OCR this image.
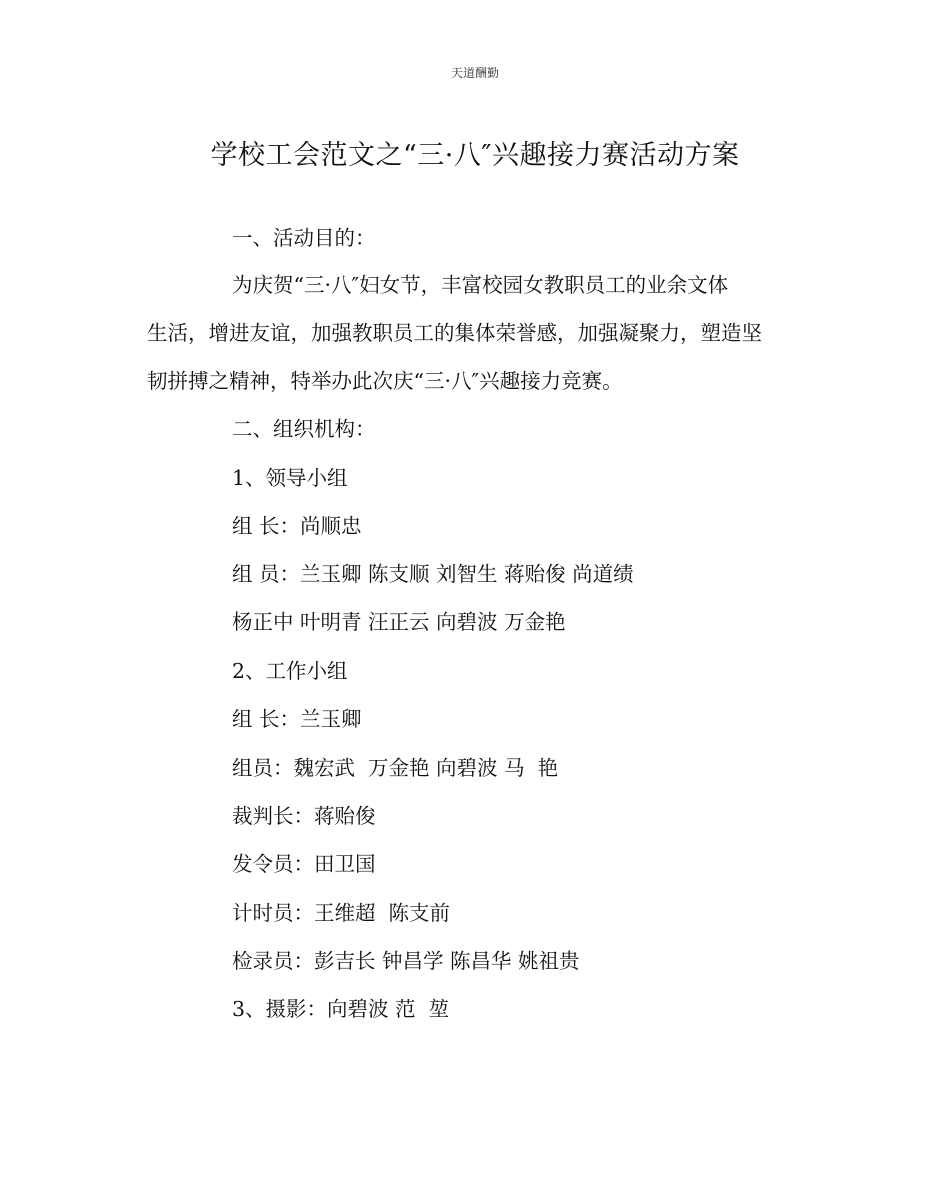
天道酬勤
学校工会范文之“三·八″兴趣接力赛活动方案
一、活动目的：
为庆贺“三·八″妇女节，丰富校园女教职员工的业余文体
生活，增进友谊，加强教职员工的集体荣誉感，加强凝聚力，塑造坚
韧拼搏之精神，特举办此次庆“三·八″兴趣接力竞赛。
二、组织机构：
1、领导小组
组 长：尚顺忠
组 员：兰玉卿 陈支顺 刘智生 蒋贻俊 尚道绩
杨正中 叶明青 汪正云 向碧波 万金艳
2、工作小组
组 长：兰玉卿
组员：魏宏武  万金艳 向碧波 马  艳
裁判长：蒋贻俊
发令员：田卫国
计时员：王维超  陈支前
检录员：彭吉长 钟昌学 陈昌华 姚祖贵
3、摄影：向碧波 范  堃
